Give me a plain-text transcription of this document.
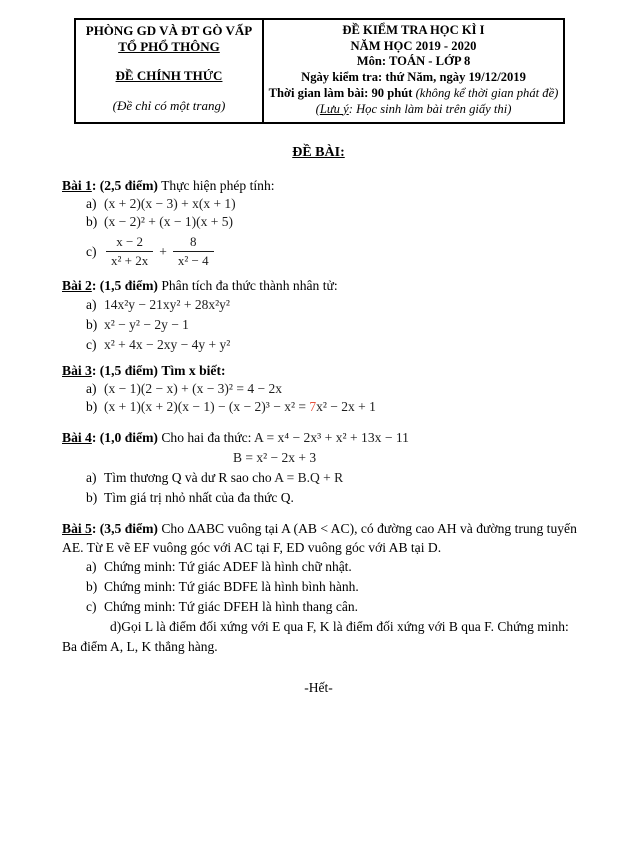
PHÒNG GD VÀ ĐT GÒ VẤP
TỔ PHỔ THÔNG
ĐỀ CHÍNH THỨC
(Đề chỉ có một trang)
ĐỀ KIỂM TRA HỌC KÌ I
NĂM HỌC 2019 - 2020
Môn: TOÁN - LỚP 8
Ngày kiểm tra: thứ Năm, ngày 19/12/2019
Thời gian làm bài: 90 phút (không kể thời gian phát đề)
(Lưu ý: Học sinh làm bài trên giấy thi)
ĐỀ BÀI:
Bài 1: (2,5 điểm) Thực hiện phép tính:
a) (x + 2)(x − 3) + x(x + 1)
b) (x − 2)² + (x − 1)(x + 5)
$c) \frac{x - 2}{\text{x² + 2x}} + \frac{8}{\text{x² − 4}}$
Bài 2: (1,5 điểm) Phân tích đa thức thành nhân tử:
a) 14x²y − 21xy² + 28x²y²
b) x² − y² − 2y − 1
c) x² + 4x − 2xy − 4y + y²
Bài 3: (1,5 điểm) Tìm x biết:
a) (x − 1)(2 − x) + (x − 3)² = 4 − 2x
b) (x + 1)(x + 2)(x − 1) − (x − 2)³ − x² = 7x² − 2x + 1
Bài 4: (1,0 điểm) Cho hai đa thức: A = x⁴ − 2x³ + x² + 13x − 11
B = x² − 2x + 3
a) Tìm thương Q và dư R sao cho A = B.Q + R
b) Tìm giá trị nhỏ nhất của đa thức Q.
Bài 5: (3,5 điểm) Cho ΔABC vuông tại A (AB < AC), có đường cao AH và đường trung tuyến AE. Từ E vẽ EF vuông góc với AC tại F, ED vuông góc với AB tại D.
a) Chứng minh: Tứ giác ADEF là hình chữ nhật.
b) Chứng minh: Tứ giác BDFE là hình bình hành.
c) Chứng minh: Tứ giác DFEH là hình thang cân.
d)Gọi L là điểm đối xứng với E qua F, K là điểm đối xứng với B qua F. Chứng minh: Ba điểm A, L, K thẳng hàng.
-Hết-
